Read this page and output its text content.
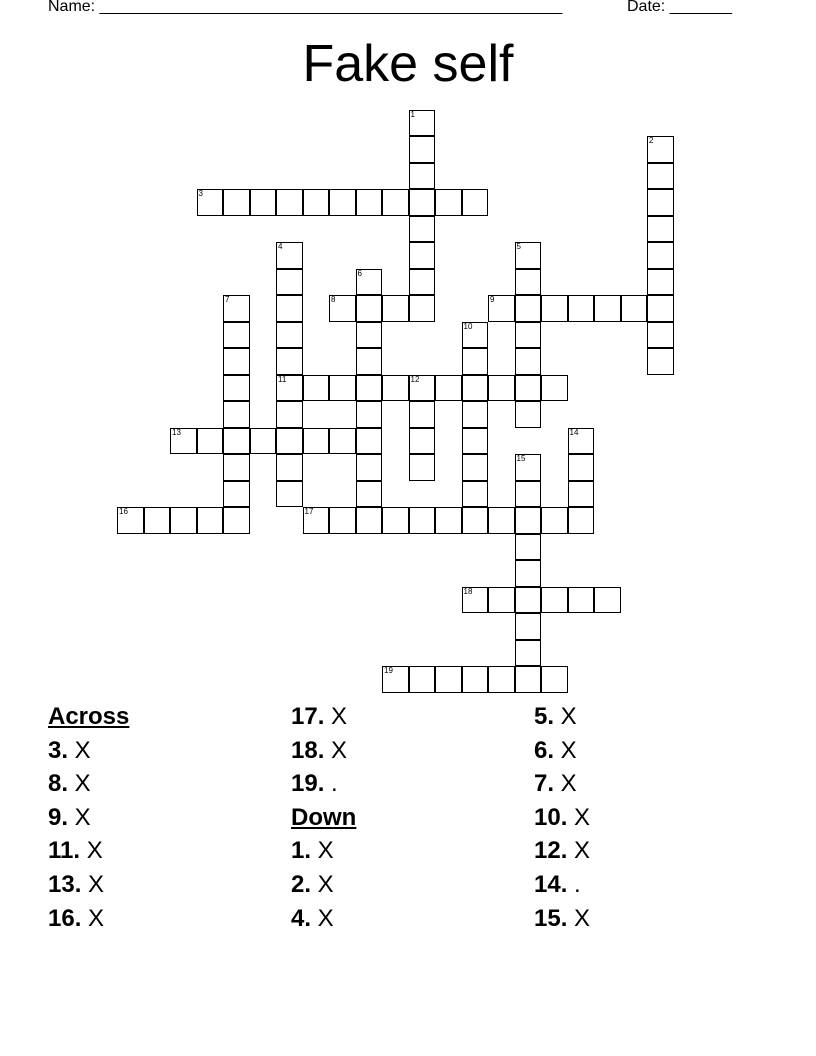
Name: ____________________________________________________	Date: _______
Fake self
1
2
3
4
11
5
6
7	8	9
10
12
13	14
15
16	17
18
19
Across
3. X
8. X
9. X
11. X
13. X
16. X
17. X
18. X
19. .
Down
1. X
2. X
4. X
5. X
6. X
7. X
10. X
12. X
14. .
15. X
